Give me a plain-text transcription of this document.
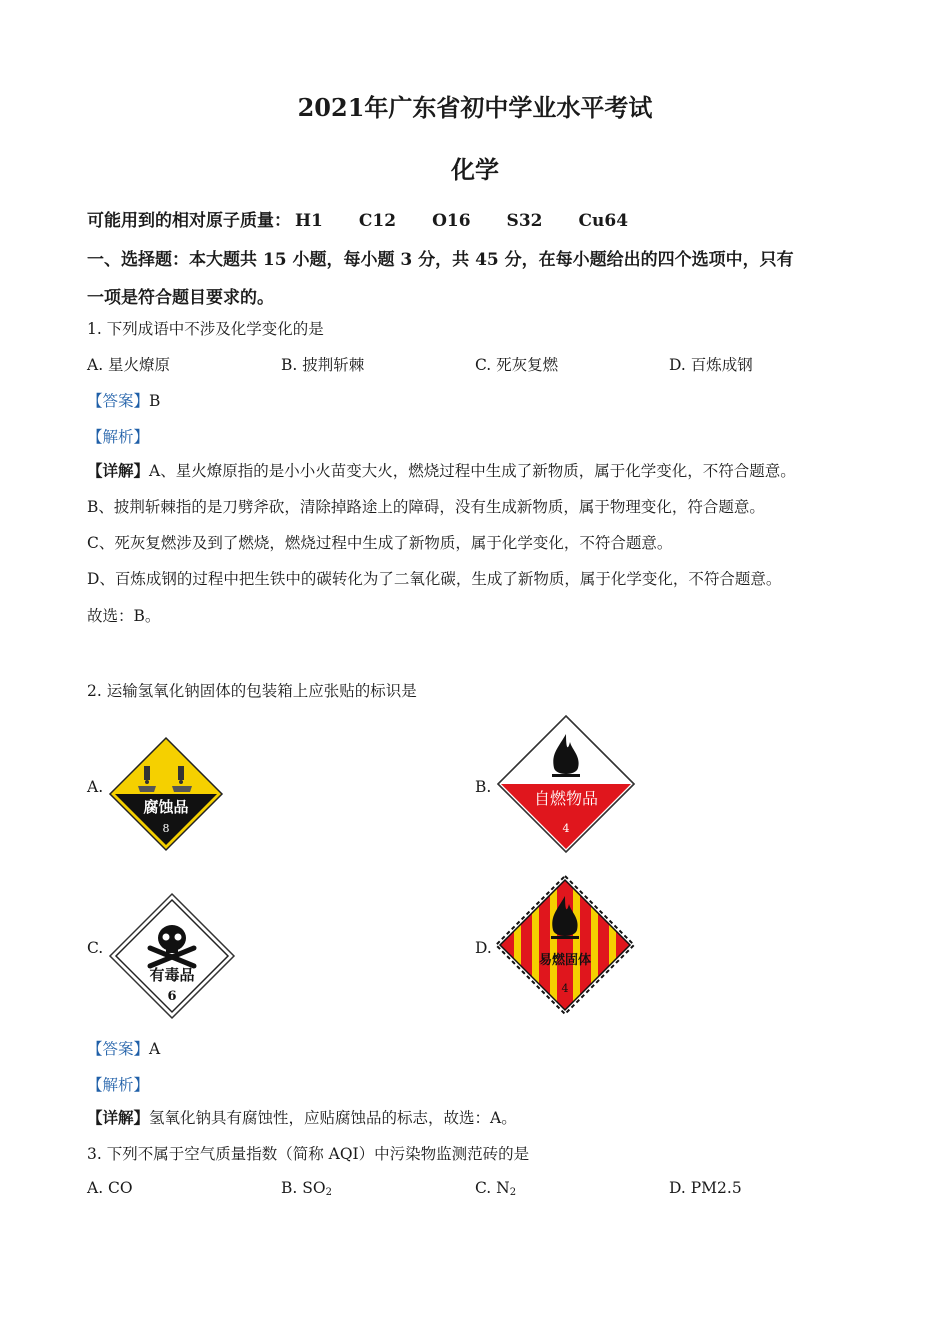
2021年广东省初中学业水平考试
化学
可能用到的相对原子质量： H1 C12 O16 S32 Cu64
一、选择题：本大题共 15 小题，每小题 3 分，共 45 分，在每小题给出的四个选项中，只有
一项是符合题目要求的。
1. 下列成语中不涉及化学变化的是
A. 星火燎原	B. 披荆斩棘	C. 死灰复燃	D. 百炼成钢
【答案】B
【解析】
【详解】A、星火燎原指的是小小火苗变大火，燃烧过程中生成了新物质，属于化学变化，不符合题意。
B、披荆斩棘指的是刀劈斧砍，清除掉路途上的障碍，没有生成新物质，属于物理变化，符合题意。
C、死灰复燃涉及到了燃烧，燃烧过程中生成了新物质，属于化学变化，不符合题意。
D、百炼成钢的过程中把生铁中的碳转化为了二氧化碳，生成了新物质，属于化学变化，不符合题意。
故选：B。
2. 运输氢氧化钠固体的包装箱上应张贴的标识是
A.
腐蚀品
8
B.
自燃物品
4
C.
有毒品
6
D.
易燃固体
4
【答案】A
【解析】
【详解】氢氧化钠具有腐蚀性，应贴腐蚀品的标志，故选：A。
3. 下列不属于空气质量指数（简称 AQI）中污染物监测范砖的是
A. CO	B. $SO_2$	C. $N_2$	D. PM2.5
